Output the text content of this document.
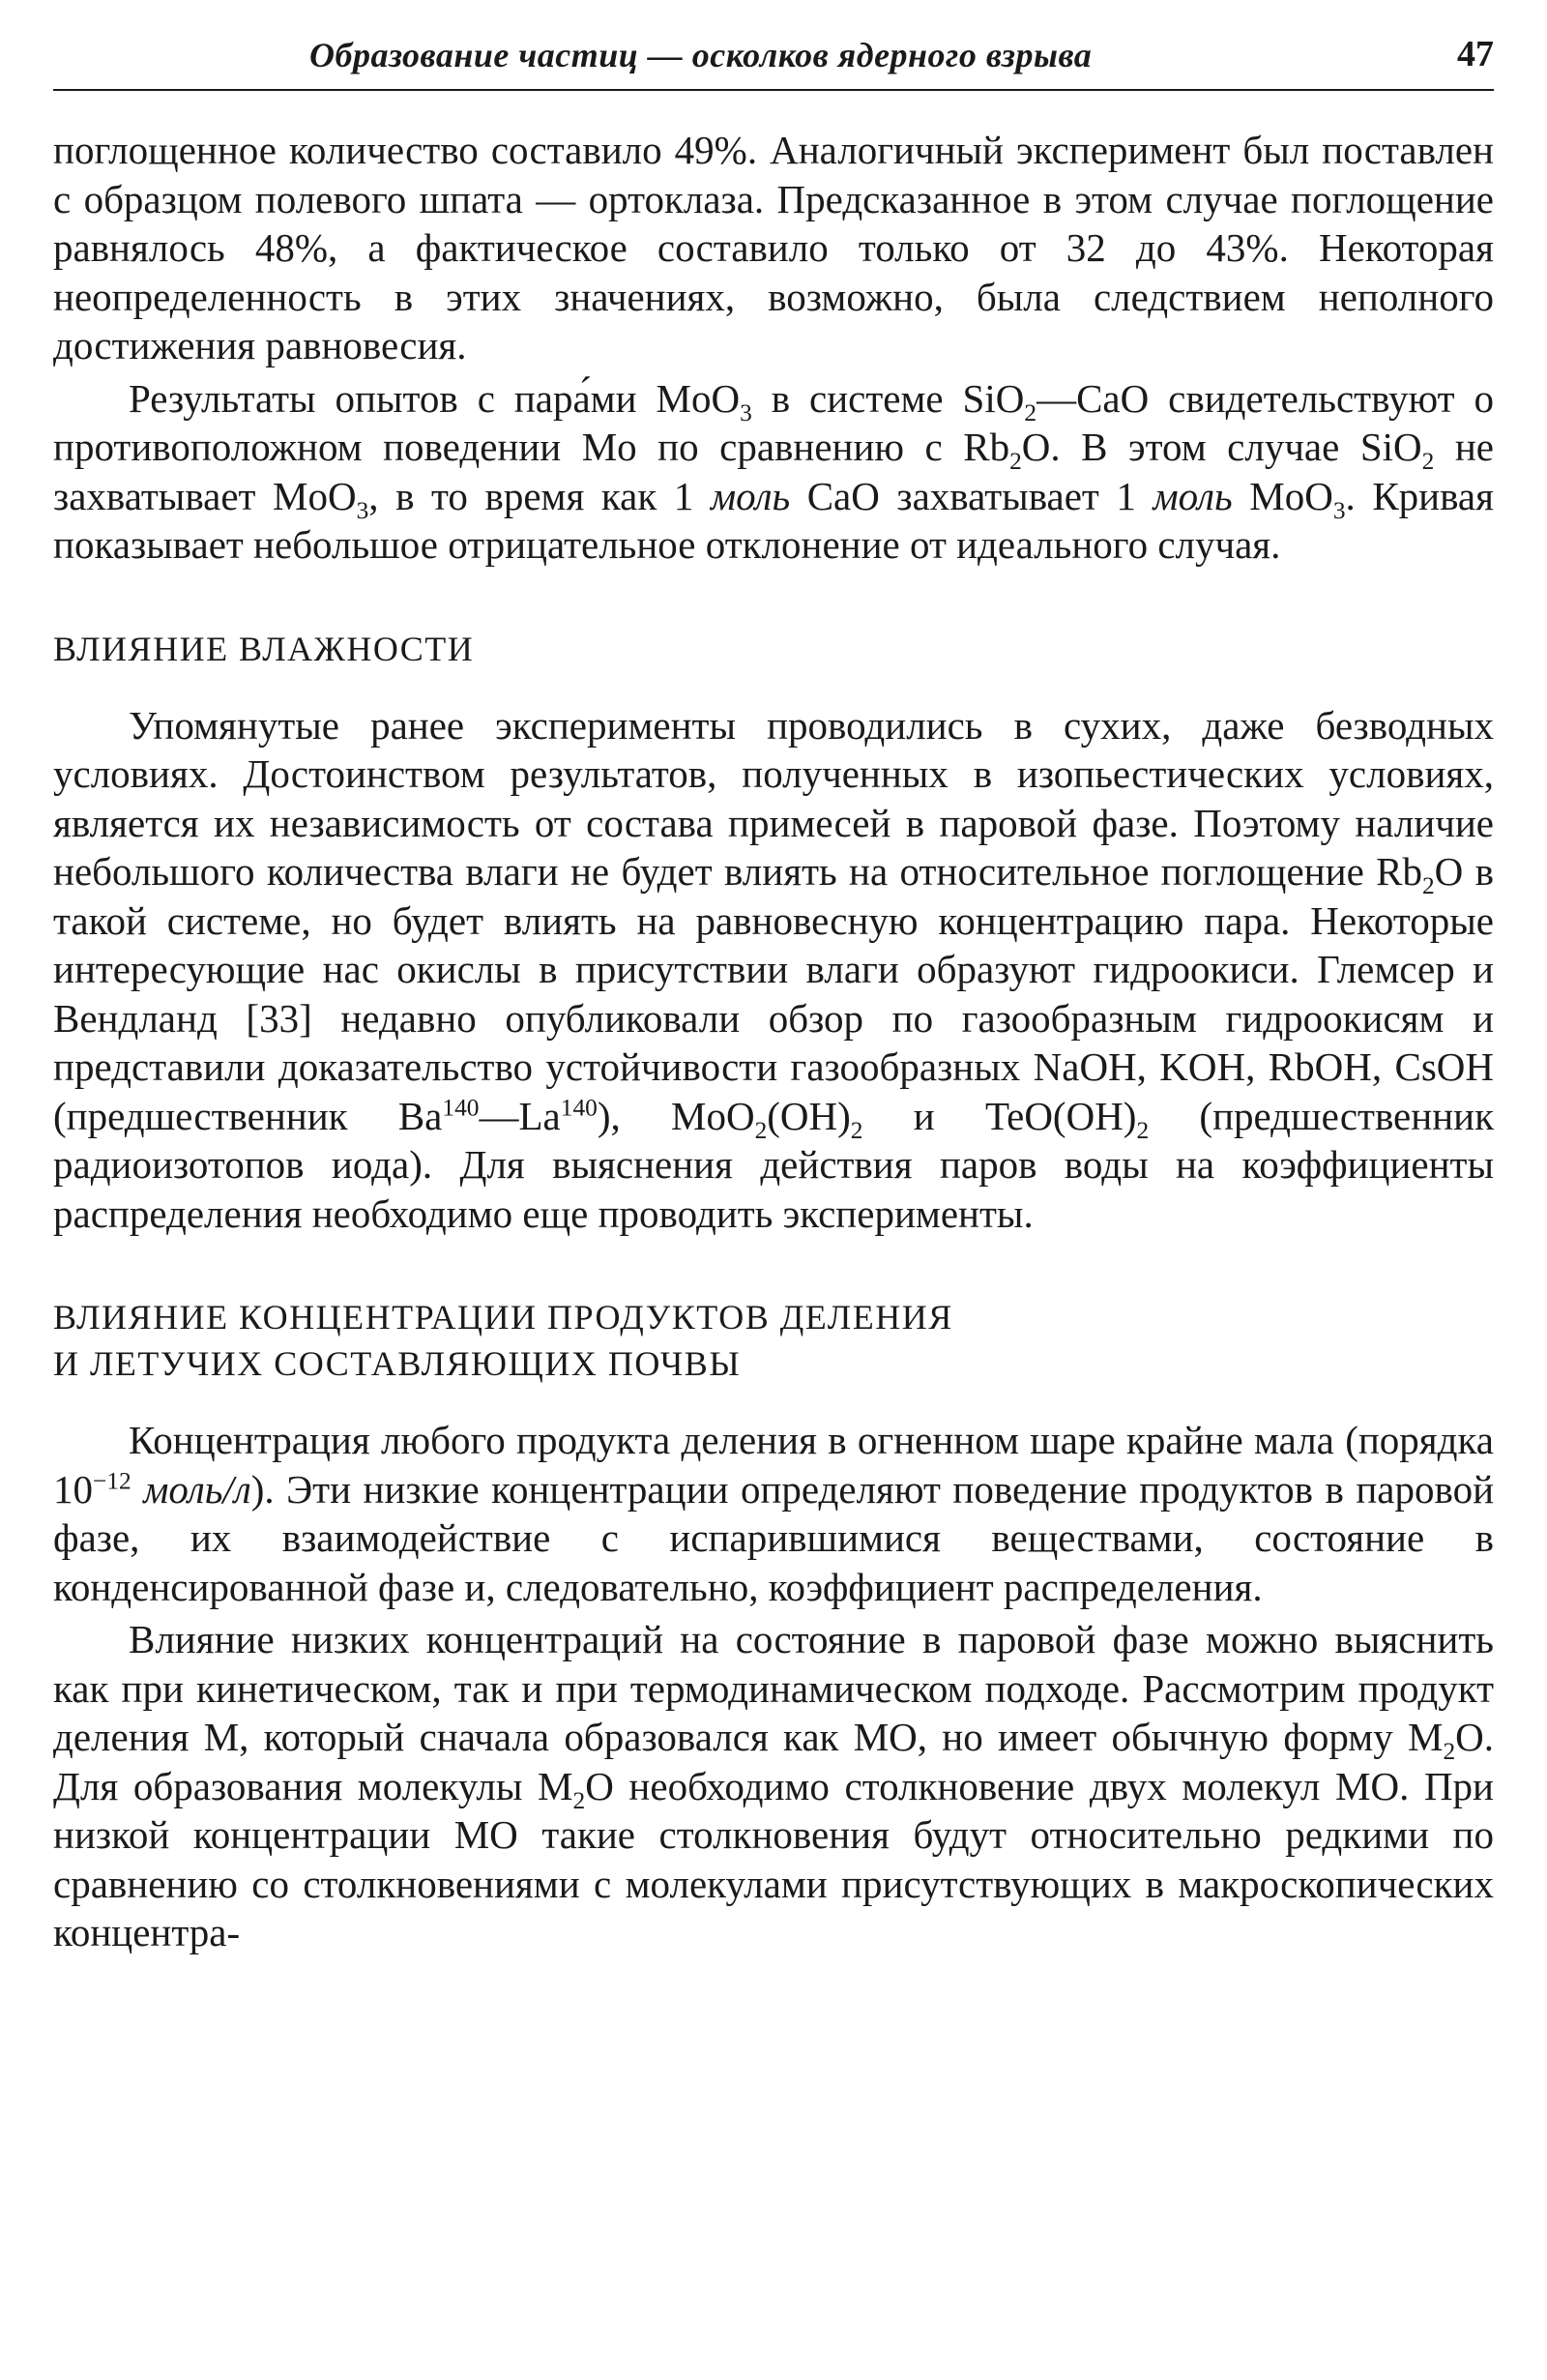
Образование частиц — осколков ядерного взрыва	47

поглощенное количество составило 49%. Аналогичный эксперимент был поставлен с образцом полевого шпата — ортоклаза. Предсказанное в этом случае поглощение равнялось 48%, а фактическое составило только от 32 до 43%. Некоторая неопределенность в этих значениях, возможно, была следствием неполного достижения равновесия.

Результаты опытов с пара́ми MoO$_3$ в системе SiO$_2$—CaO свидетельствуют о противоположном поведении Mo по сравнению с $Rb_2O$. В этом случае SiO$_2$ не захватывает MoO$_3$, в то время как 1 моль CaO захватывает 1 моль MoO$_3$. Кривая показывает небольшое отрицательное отклонение от идеального случая.

ВЛИЯНИЕ ВЛАЖНОСТИ

Упомянутые ранее эксперименты проводились в сухих, даже безводных условиях. Достоинством результатов, полученных в изопьестических условиях, является их независимость от состава примесей в паровой фазе. Поэтому наличие небольшого количества влаги не будет влиять на относительное поглощение $Rb_2O$ в такой системе, но будет влиять на равновесную концентрацию пара. Некоторые интересующие нас окислы в присутствии влаги образуют гидроокиси. Глемсер и Вендланд [33] недавно опубликовали обзор по газообразным гидроокисям и представили доказательство устойчивости газообразных NaOH, KOH, RbOH, CsOH (предшественник Ba$^{140}$—La$^{140}$), $MoO_2(OH)_2$ и $TeO(OH)_2$ (предшественник радиоизотопов иода). Для выяснения действия паров воды на коэффициенты распределения необходимо еще проводить эксперименты.

ВЛИЯНИЕ КОНЦЕНТРАЦИИ ПРОДУКТОВ ДЕЛЕНИЯ
И ЛЕТУЧИХ СОСТАВЛЯЮЩИХ ПОЧВЫ

Концентрация любого продукта деления в огненном шаре крайне мала (порядка $10^{-12}$ моль/л). Эти низкие концентрации определяют поведение продуктов в паровой фазе, их взаимодействие с испарившимися веществами, состояние в конденсированной фазе и, следовательно, коэффициент распределения.

Влияние низких концентраций на состояние в паровой фазе можно выяснить как при кинетическом, так и при термодинамическом подходе. Рассмотрим продукт деления M, который сначала образовался как MO, но имеет обычную форму $M_2O$. Для образования молекулы $M_2O$ необходимо столкновение двух молекул MO. При низкой концентрации MO такие столкновения будут относительно редкими по сравнению со столкновениями с молекулами присутствующих в макроскопических концентра-
